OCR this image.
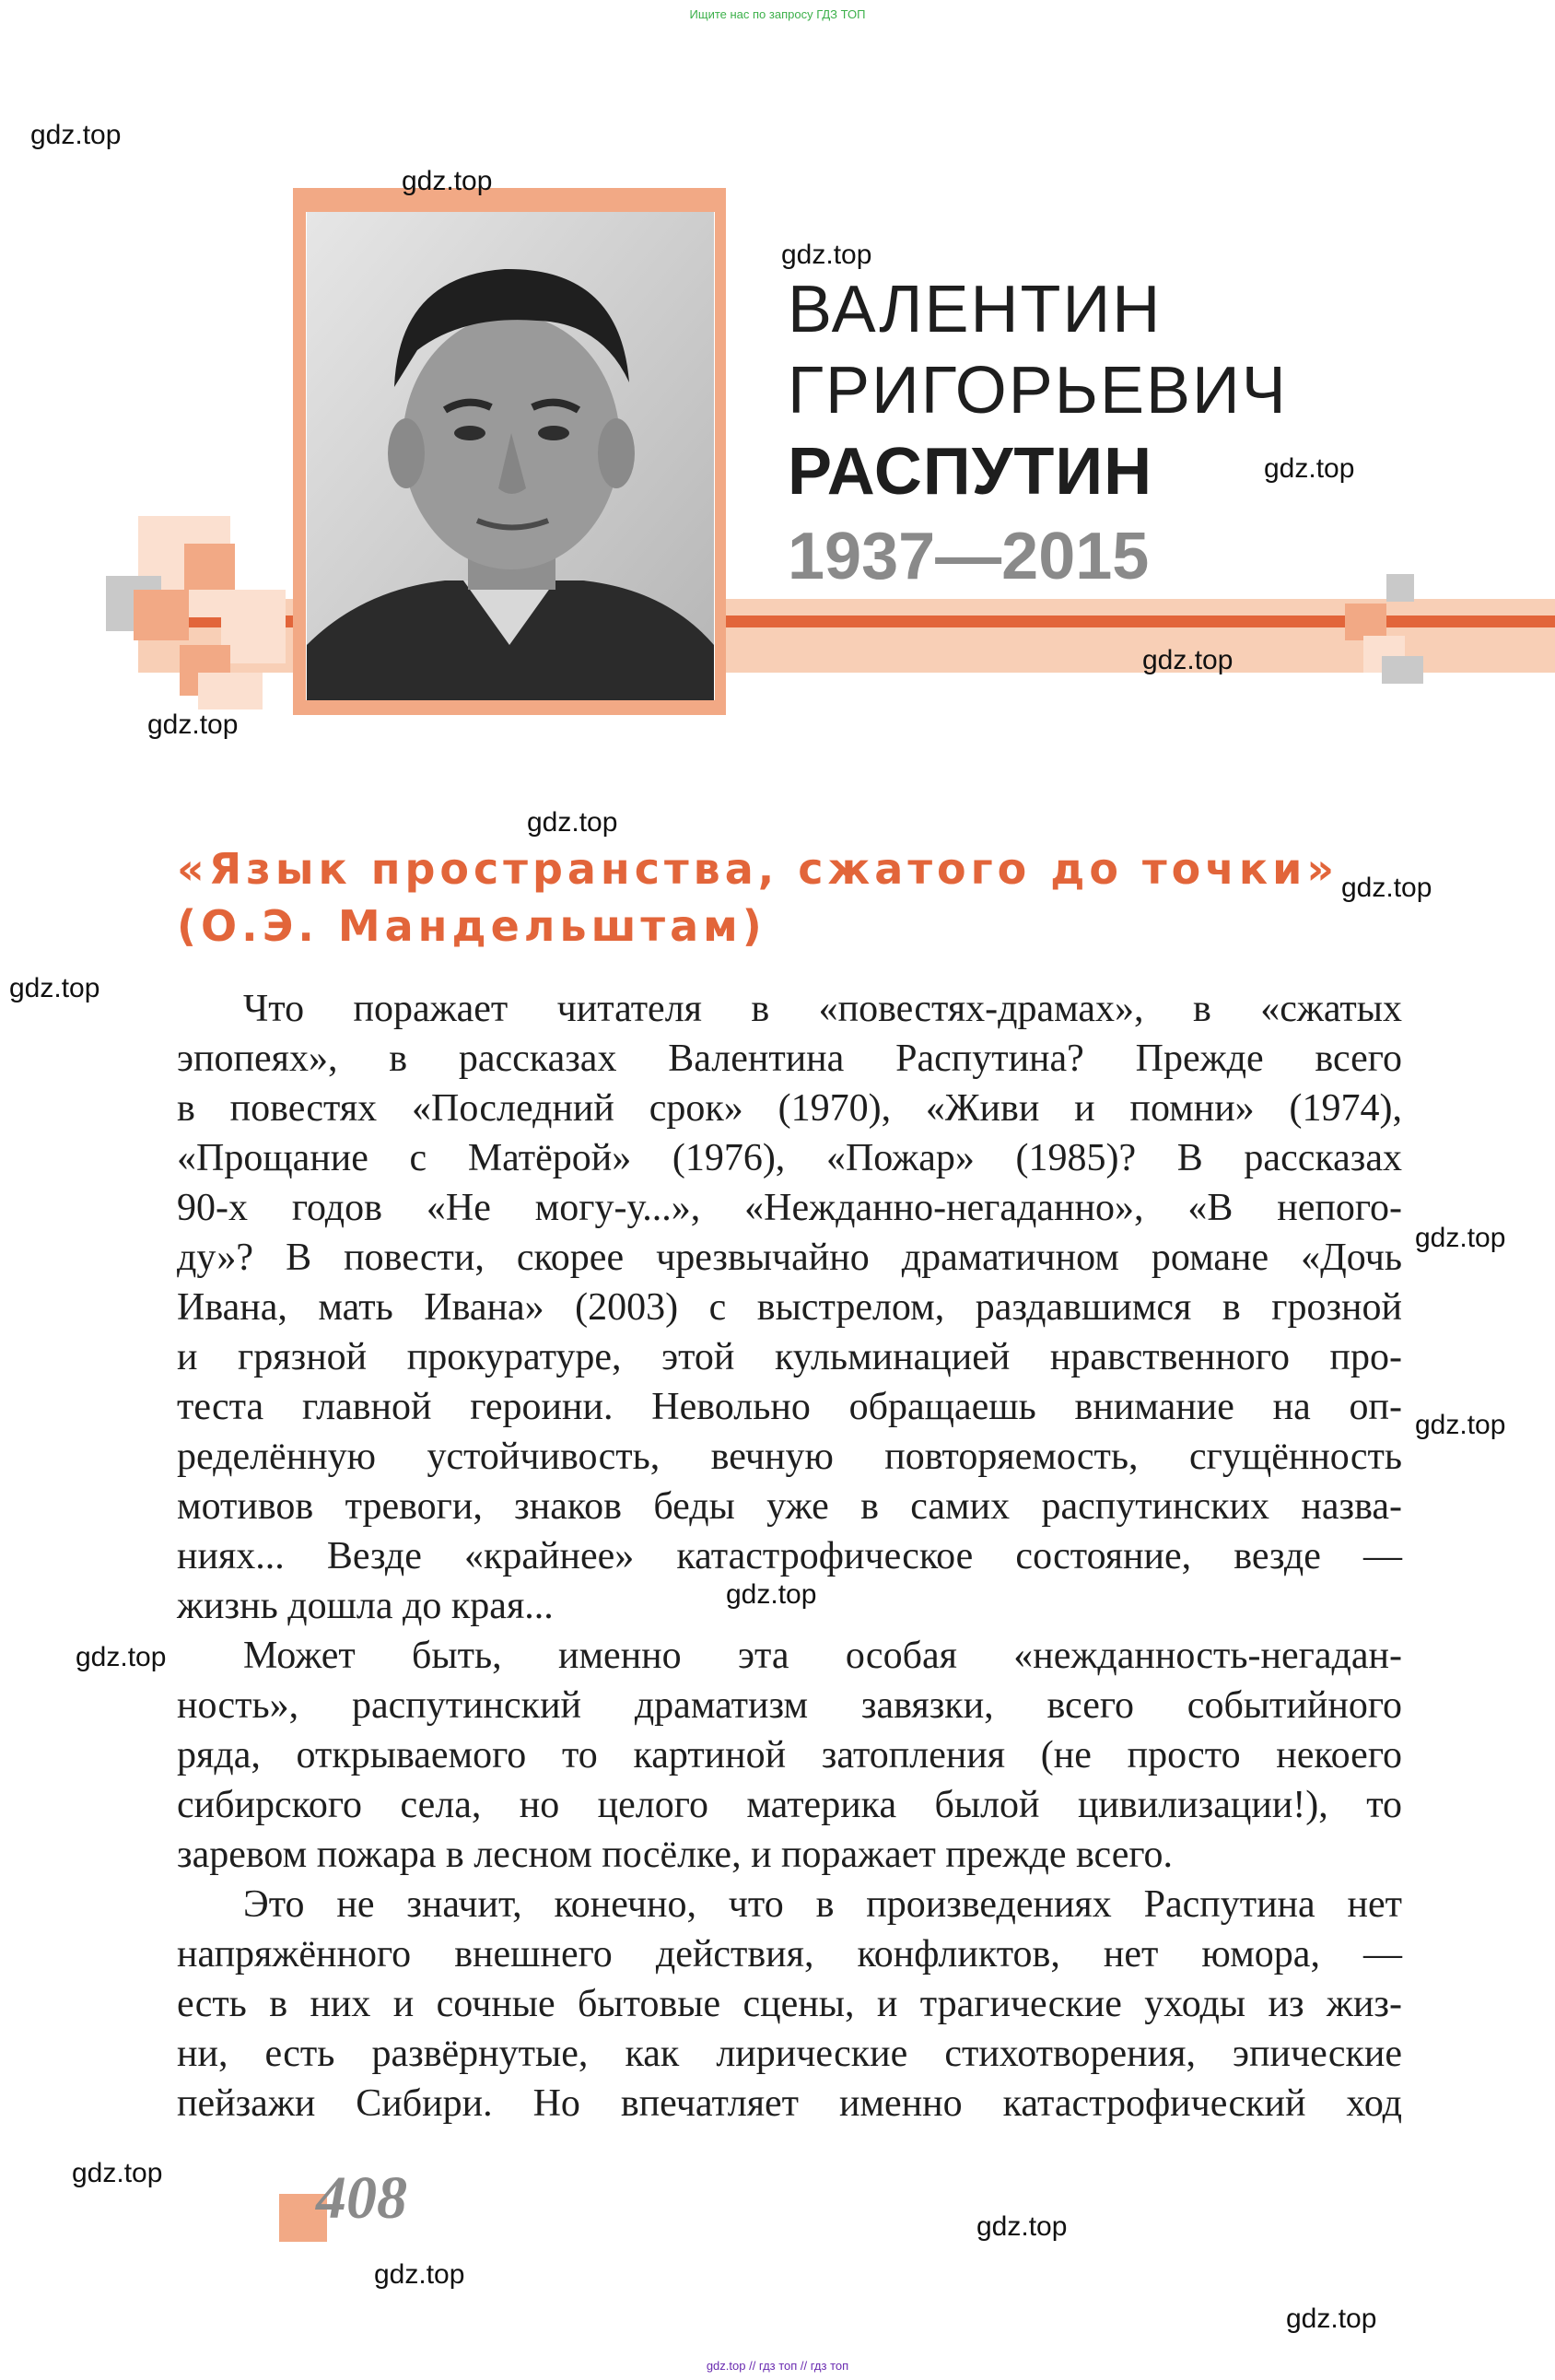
Ищите нас по запросу ГДЗ ТОП
gdz.top // гдз топ // гдз топ
ВАЛЕНТИН
ГРИГОРЬЕВИЧ
РАСПУТИН
1937—2015
«Язык пространства, сжатого до точки»
(О.Э. Мандельштам)
Что поражает читателя в «повестях-драмах», в «сжатых
эпопеях», в рассказах Валентина Распутина? Прежде всего
в повестях «Последний срок» (1970), «Живи и помни» (1974),
«Прощание с Матёрой» (1976), «Пожар» (1985)? В рассказах
90-х годов «Не могу-у...», «Нежданно-негаданно», «В непого-
ду»? В повести, скорее чрезвычайно драматичном романе «Дочь
Ивана, мать Ивана» (2003) с выстрелом, раздавшимся в грозной
и грязной прокуратуре, этой кульминацией нравственного про-
теста главной героини. Невольно обращаешь внимание на оп-
ределённую устойчивость, вечную повторяемость, сгущённость
мотивов тревоги, знаков беды уже в самих распутинских назва-
ниях... Везде «крайнее» катастрофическое состояние, везде —
жизнь дошла до края...
Может быть, именно эта особая «нежданность-негадан-
ность», распутинский драматизм завязки, всего событийного
ряда, открываемого то картиной затопления (не просто некоего
сибирского села, но целого материка былой цивилизации!), то
заревом пожара в лесном посёлке, и поражает прежде всего.
Это не значит, конечно, что в произведениях Распутина нет
напряжённого внешнего действия, конфликтов, нет юмора, —
есть в них и сочные бытовые сцены, и трагические уходы из жиз-
ни, есть развёрнутые, как лирические стихотворения, эпические
пейзажи Сибири. Но впечатляет именно катастрофический ход
408
gdz.top
gdz.top
gdz.top
gdz.top
gdz.top
gdz.top
gdz.top
gdz.top
gdz.top
gdz.top
gdz.top
gdz.top
gdz.top
gdz.top
gdz.top
gdz.top
gdz.top
